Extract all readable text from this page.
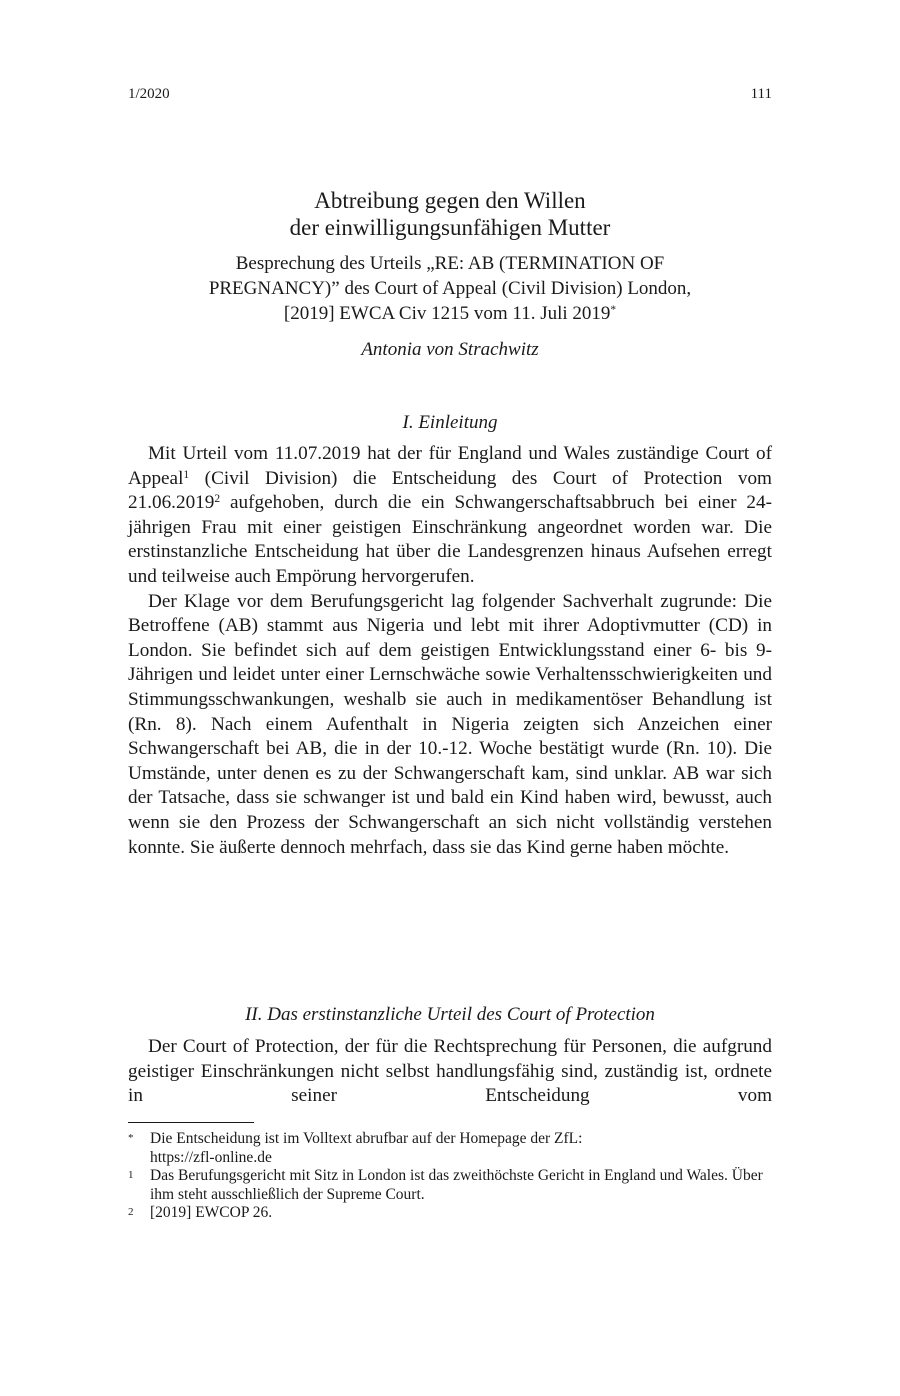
1/2020	111
Abtreibung gegen den Willen
der einwilligungsunfähigen Mutter
Besprechung des Urteils „RE: AB (TERMINATION OF
PREGNANCY)” des Court of Appeal (Civil Division) London,
[2019] EWCA Civ 1215 vom 11. Juli 2019*
Antonia von Strachwitz
I. Einleitung

Mit Urteil vom 11.07.2019 hat der für England und Wales zuständige Court of Appeal$^1$ (Civil Division) die Entscheidung des Court of Protection vom 21.06.2019$^2$ aufgehoben, durch die ein Schwangerschaftsabbruch bei einer 24-jährigen Frau mit einer geistigen Einschränkung angeordnet worden war. Die erstinstanzliche Entscheidung hat über die Landesgrenzen hinaus Aufsehen erregt und teilweise auch Empörung hervorgerufen.

Der Klage vor dem Berufungsgericht lag folgender Sachverhalt zugrunde: Die Betroffene (AB) stammt aus Nigeria und lebt mit ihrer Adoptivmutter (CD) in London. Sie befindet sich auf dem geistigen Entwicklungsstand einer 6- bis 9-Jährigen und leidet unter einer Lernschwäche sowie Verhaltensschwierigkeiten und Stimmungsschwankungen, weshalb sie auch in medikamentöser Behandlung ist (Rn. 8). Nach einem Aufenthalt in Nigeria zeigten sich Anzeichen einer Schwangerschaft bei AB, die in der 10.-12. Woche bestätigt wurde (Rn. 10). Die Umstände, unter denen es zu der Schwangerschaft kam, sind unklar. AB war sich der Tatsache, dass sie schwanger ist und bald ein Kind haben wird, bewusst, auch wenn sie den Prozess der Schwangerschaft an sich nicht vollständig verstehen konnte. Sie äußerte dennoch mehrfach, dass sie das Kind gerne haben möchte.

II. Das erstinstanzliche Urteil des Court of Protection

Der Court of Protection, der für die Rechtsprechung für Personen, die aufgrund geistiger Einschränkungen nicht selbst handlungsfähig sind, zuständig ist, ordnete in seiner Entscheidung vom

*	Die Entscheidung ist im Volltext abrufbar auf der Homepage der ZfL:
https://zfl-online.de
1	Das Berufungsgericht mit Sitz in London ist das zweithöchste Gericht in England und Wales. Über ihm steht ausschließlich der Supreme Court.
2	[2019] EWCOP 26.
